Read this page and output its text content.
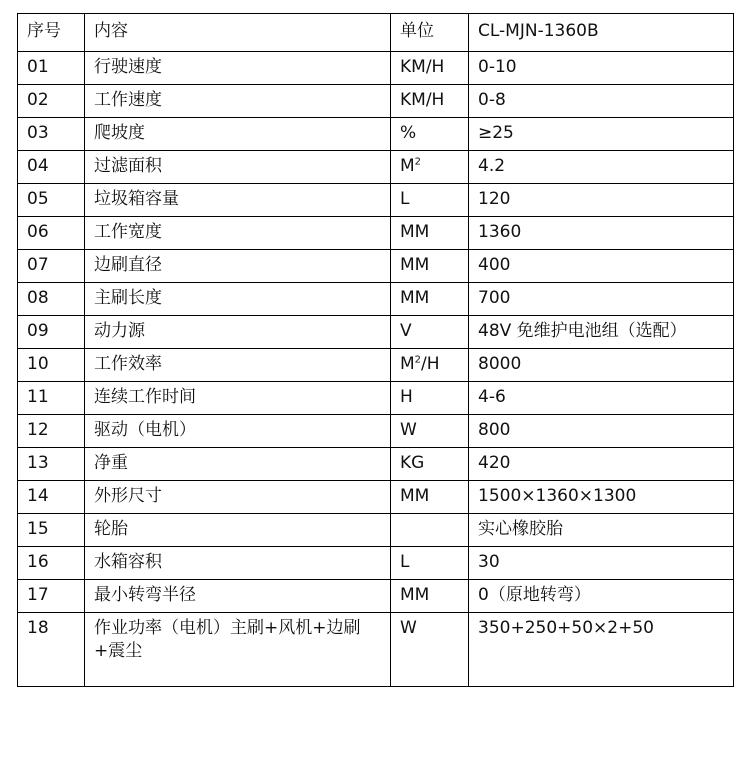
序号	内容	单位	CL-MJN-1360B
01	行驶速度	KM/H	0-10
02	工作速度	KM/H	0-8
03	爬坡度	%	≥25
04	过滤面积	$M^2$	4.2
05	垃圾箱容量	L	120
06	工作宽度	MM	1360
07	边刷直径	MM	400
08	主刷长度	MM	700
09	动力源	V	48V 免维护电池组（选配）
10	工作效率	$M^2/H$	8000
11	连续工作时间	H	4-6
12	驱动（电机）	W	800
13	净重	KG	420
14	外形尺寸	MM	1500×1360×1300
15	轮胎		实心橡胶胎
16	水箱容积	L	30
17	最小转弯半径	MM	0（原地转弯）
18	作业功率（电机）主刷+风机+边刷+震尘	W	350+250+50×2+50
